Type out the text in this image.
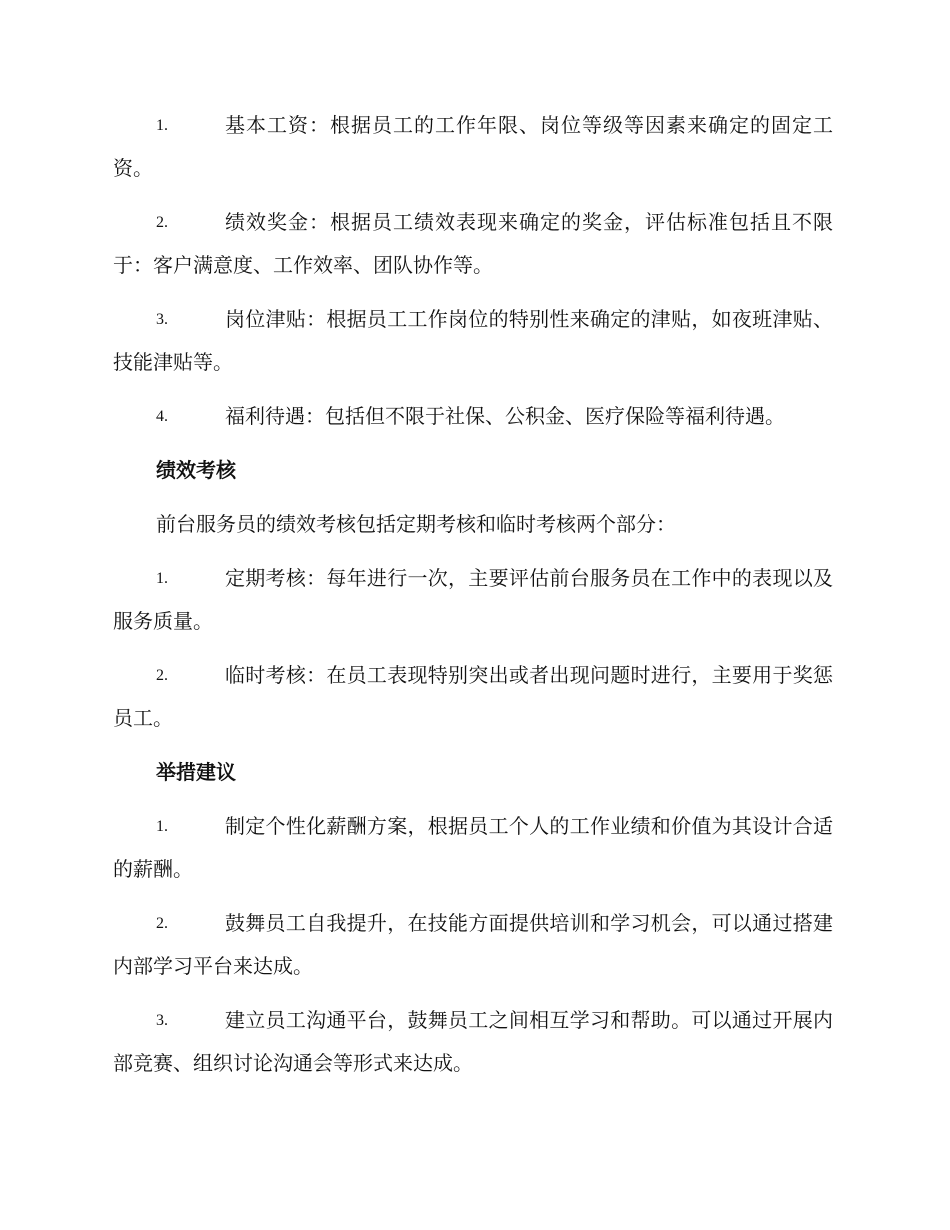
1.	基本工资：根据员工的工作年限、岗位等级等因素来确定的固定工资。
2.	绩效奖金：根据员工绩效表现来确定的奖金，评估标准包括且不限于：客户满意度、工作效率、团队协作等。
3.	岗位津贴：根据员工工作岗位的特别性来确定的津贴，如夜班津贴、技能津贴等。
4.	福利待遇：包括但不限于社保、公积金、医疗保险等福利待遇。
绩效考核
前台服务员的绩效考核包括定期考核和临时考核两个部分：
1.	定期考核：每年进行一次，主要评估前台服务员在工作中的表现以及服务质量。
2.	临时考核：在员工表现特别突出或者出现问题时进行，主要用于奖惩员工。
举措建议
1.	制定个性化薪酬方案，根据员工个人的工作业绩和价值为其设计合适的薪酬。
2.	鼓舞员工自我提升，在技能方面提供培训和学习机会，可以通过搭建内部学习平台来达成。
3.	建立员工沟通平台，鼓舞员工之间相互学习和帮助。可以通过开展内部竞赛、组织讨论沟通会等形式来达成。
